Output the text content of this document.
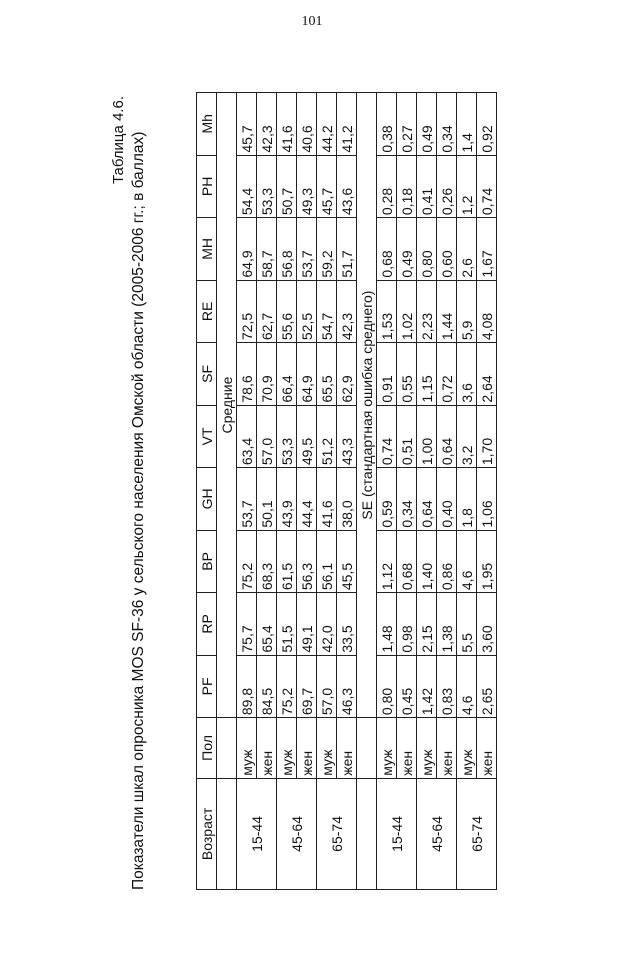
101
Таблица 4.6. Показатели шкал опросника MOS SF-36 у сельского населения Омской области (2005-2006 гг.; в баллах)	Возраст	Пол	PF	RP	BP	GH	VT	SF	RE	MH	PH	Mh
		Средние									
15-44	муж	89,8	75,7	75,2	53,7	63,4	78,6	72,5	64,9	54,4	45,7
	жен	84,5	65,4	68,3	50,1	57,0	70,9	62,7	58,7	53,3	42,3
45-64	муж	75,2	51,5	61,5	43,9	53,3	66,4	55,6	56,8	50,7	41,6
	жен	69,7	49,1	56,3	44,4	49,5	64,9	52,5	53,7	49,3	40,6
65-74	муж	57,0	42,0	56,1	41,6	51,2	65,5	54,7	59,2	45,7	44,2
	жен	46,3	33,5	45,5	38,0	43,3	62,9	42,3	51,7	43,6	41,2
		SE (стандартная ошибка среднего)									
15-44	муж	0,80	1,48	1,12	0,59	0,74	0,91	1,53	0,68	0,28	0,38
	жен	0,45	0,98	0,68	0,34	0,51	0,55	1,02	0,49	0,18	0,27
45-64	муж	1,42	2,15	1,40	0,64	1,00	1,15	2,23	0,80	0,41	0,49
	жен	0,83	1,38	0,86	0,40	0,64	0,72	1,44	0,60	0,26	0,34
65-74	муж	4,6	5,5	4,6	1,8	3,2	3,6	5,9	2,6	1,2	1,4
	жен	2,65	3,60	1,95	1,06	1,70	2,64	4,08	1,67	0,74	0,92
